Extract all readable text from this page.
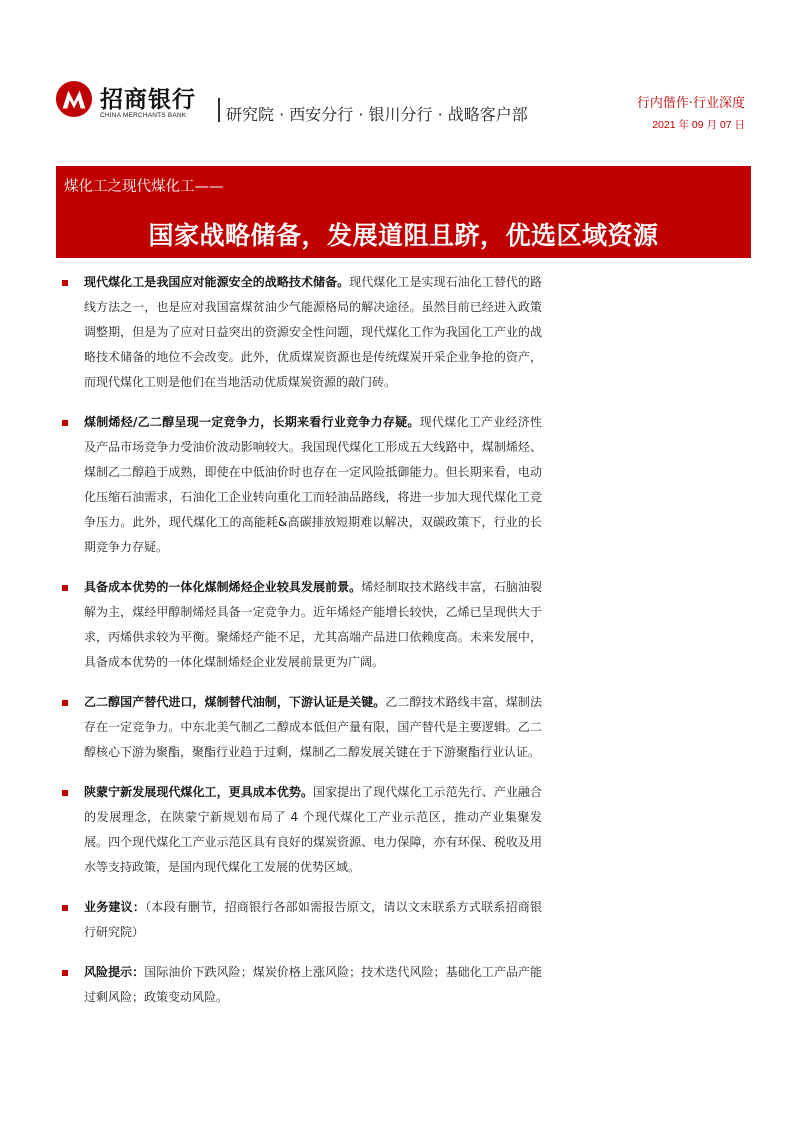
招商银行
CHINA MERCHANTS BANK 研究院 · 西安分行 · 银川分行 · 战略客户部
行内偕作·行业深度
2021 年 09 月 07 日
煤化工之现代煤化工——
国家战略储备，发展道阻且跻，优选区域资源

现代煤化工是我国应对能源安全的战略技术储备。现代煤化工是实现石油化工替代的路线方法之一，也是应对我国富煤贫油少气能源格局的解决途径。虽然目前已经进入政策调整期，但是为了应对日益突出的资源安全性问题，现代煤化工作为我国化工产业的战略技术储备的地位不会改变。此外，优质煤炭资源也是传统煤炭开采企业争抢的资产，而现代煤化工则是他们在当地活动优质煤炭资源的敲门砖。

煤制烯烃/乙二醇呈现一定竞争力，长期来看行业竞争力存疑。现代煤化工产业经济性及产品市场竞争力受油价波动影响较大。我国现代煤化工形成五大线路中，煤制烯烃、煤制乙二醇趋于成熟，即使在中低油价时也存在一定风险抵御能力。但长期来看，电动化压缩石油需求，石油化工企业转向重化工而轻油品路线，将进一步加大现代煤化工竞争压力。此外，现代煤化工的高能耗&高碳排放短期难以解决，双碳政策下，行业的长期竞争力存疑。

具备成本优势的一体化煤制烯烃企业较具发展前景。烯烃制取技术路线丰富，石脑油裂解为主，煤经甲醇制烯烃具备一定竞争力。近年烯烃产能增长较快，乙烯已呈现供大于求，丙烯供求较为平衡。聚烯烃产能不足，尤其高端产品进口依赖度高。未来发展中，具备成本优势的一体化煤制烯烃企业发展前景更为广阔。

乙二醇国产替代进口，煤制替代油制，下游认证是关键。乙二醇技术路线丰富，煤制法存在一定竞争力。中东北美气制乙二醇成本低但产量有限，国产替代是主要逻辑。乙二醇核心下游为聚酯，聚酯行业趋于过剩，煤制乙二醇发展关键在于下游聚酯行业认证。

陕蒙宁新发展现代煤化工，更具成本优势。国家提出了现代煤化工示范先行、产业融合的发展理念，在陕蒙宁新规划布局了 4 个现代煤化工产业示范区，推动产业集聚发展。四个现代煤化工产业示范区具有良好的煤炭资源、电力保障，亦有环保、税收及用水等支持政策，是国内现代煤化工发展的优势区域。

业务建议：（本段有删节，招商银行各部如需报告原文，请以文末联系方式联系招商银行研究院）

风险提示：国际油价下跌风险；煤炭价格上涨风险；技术迭代风险；基础化工产品产能过剩风险；政策变动风险。
